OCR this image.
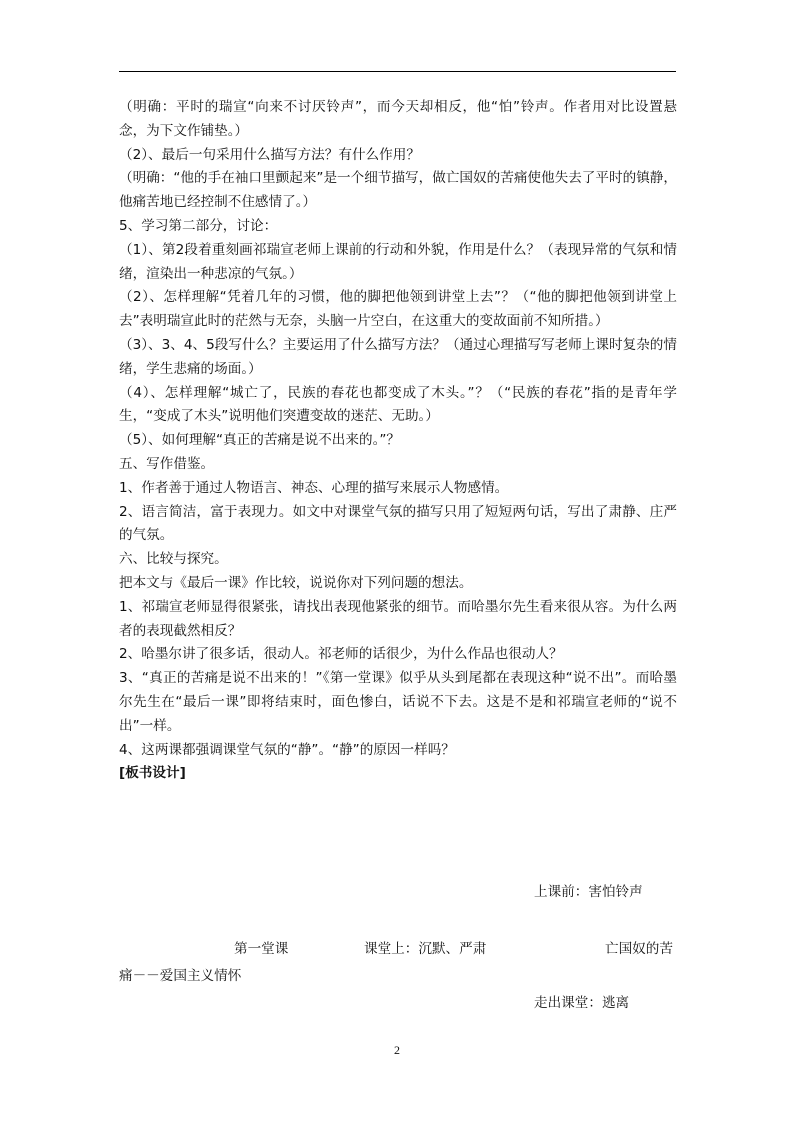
（明确：平时的瑞宣“向来不讨厌铃声”，而今天却相反，他“怕”铃声。作者用对比设置悬念，为下文作铺垫。）

（2）、最后一句采用什么描写方法？有什么作用？

（明确：“他的手在袖口里颤起来”是一个细节描写，做亡国奴的苦痛使他失去了平时的镇静，他痛苦地已经控制不住感情了。）

5、学习第二部分，讨论：

（1）、第2段着重刻画祁瑞宣老师上课前的行动和外貌，作用是什么？（表现异常的气氛和情绪，渲染出一种悲凉的气氛。）

（2）、怎样理解“凭着几年的习惯，他的脚把他领到讲堂上去”？（“他的脚把他领到讲堂上去”表明瑞宣此时的茫然与无奈，头脑一片空白，在这重大的变故面前不知所措。）

（3）、3、4、5段写什么？主要运用了什么描写方法？（通过心理描写写老师上课时复杂的情绪，学生悲痛的场面。）

（4）、怎样理解“城亡了，民族的春花也都变成了木头。”？（“民族的春花”指的是青年学生，“变成了木头”说明他们突遭变故的迷茫、无助。）

（5）、如何理解“真正的苦痛是说不出来的。”？

五、写作借鉴。

1、作者善于通过人物语言、神态、心理的描写来展示人物感情。

2、语言简洁，富于表现力。如文中对课堂气氛的描写只用了短短两句话，写出了肃静、庄严的气氛。

六、比较与探究。

把本文与《最后一课》作比较，说说你对下列问题的想法。

1、祁瑞宣老师显得很紧张，请找出表现他紧张的细节。而哈墨尔先生看来很从容。为什么两者的表现截然相反？

2、哈墨尔讲了很多话，很动人。祁老师的话很少，为什么作品也很动人？

3、“真正的苦痛是说不出来的！”《第一堂课》似乎从头到尾都在表现这种“说不出”。而哈墨尔先生在“最后一课”即将结束时，面色惨白，话说不下去。这是不是和祁瑞宣老师的“说不出”一样。

4、这两课都强调课堂气氛的“静”。“静”的原因一样吗？

[板书设计]

上课前：害怕铃声
第一堂课	课堂上：沉默、严肃	亡国奴的苦
痛－－爱国主义情怀
走出课堂：逃离
2
